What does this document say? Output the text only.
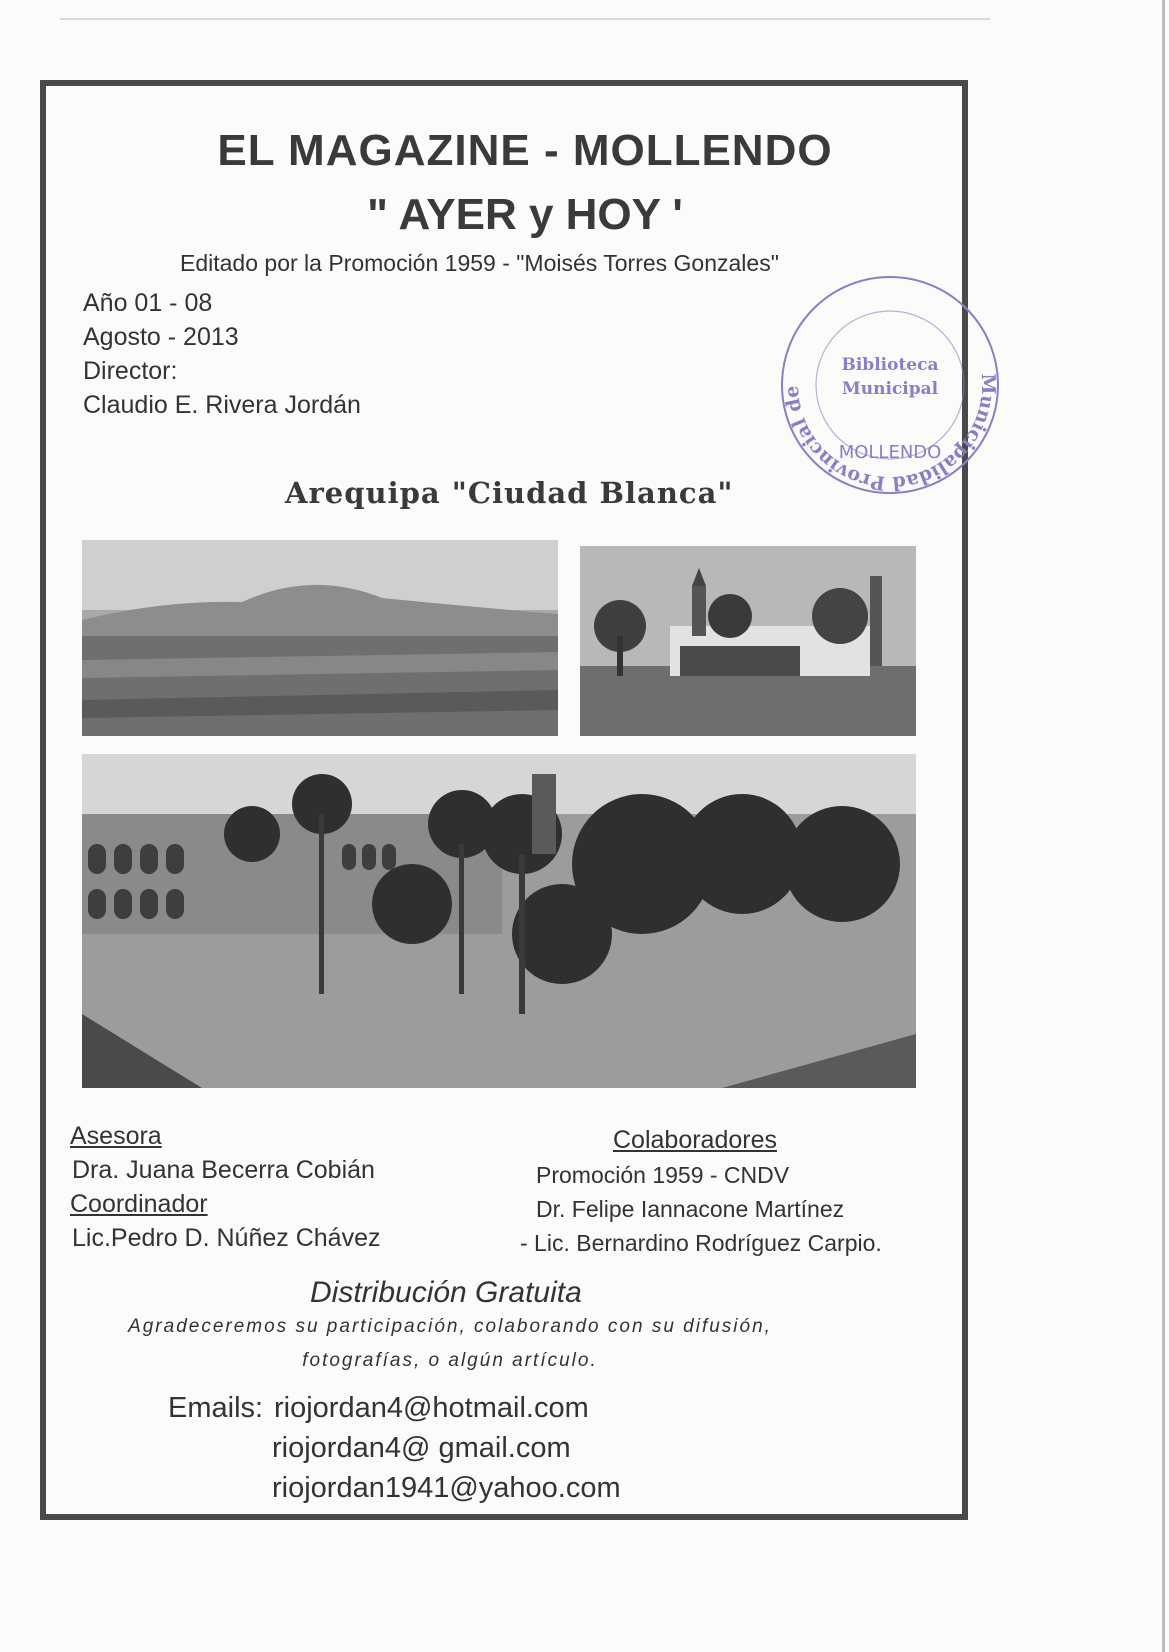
EL MAGAZINE - MOLLENDO
" AYER y HOY '
Editado por la Promoción 1959 - "Moisés Torres Gonzales"
Año 01 - 08
Agosto - 2013
Director:
Claudio E. Rivera Jordán
Municipalidad Provincial de
Biblioteca
Municipal
MOLLENDO
Arequipa "Ciudad Blanca"
Asesora
Dra. Juana Becerra Cobián
Coordinador
Lic.Pedro D. Núñez Chávez
Colaboradores
Promoción 1959 - CNDV
Dr. Felipe Iannacone Martínez
- Lic. Bernardino Rodríguez Carpio.
Distribución Gratuita
Agradeceremos su participación, colaborando con su difusión,
fotografías, o algún artículo.
Emails: riojordan4@hotmail.com
riojordan4@ gmail.com
riojordan1941@yahoo.com
